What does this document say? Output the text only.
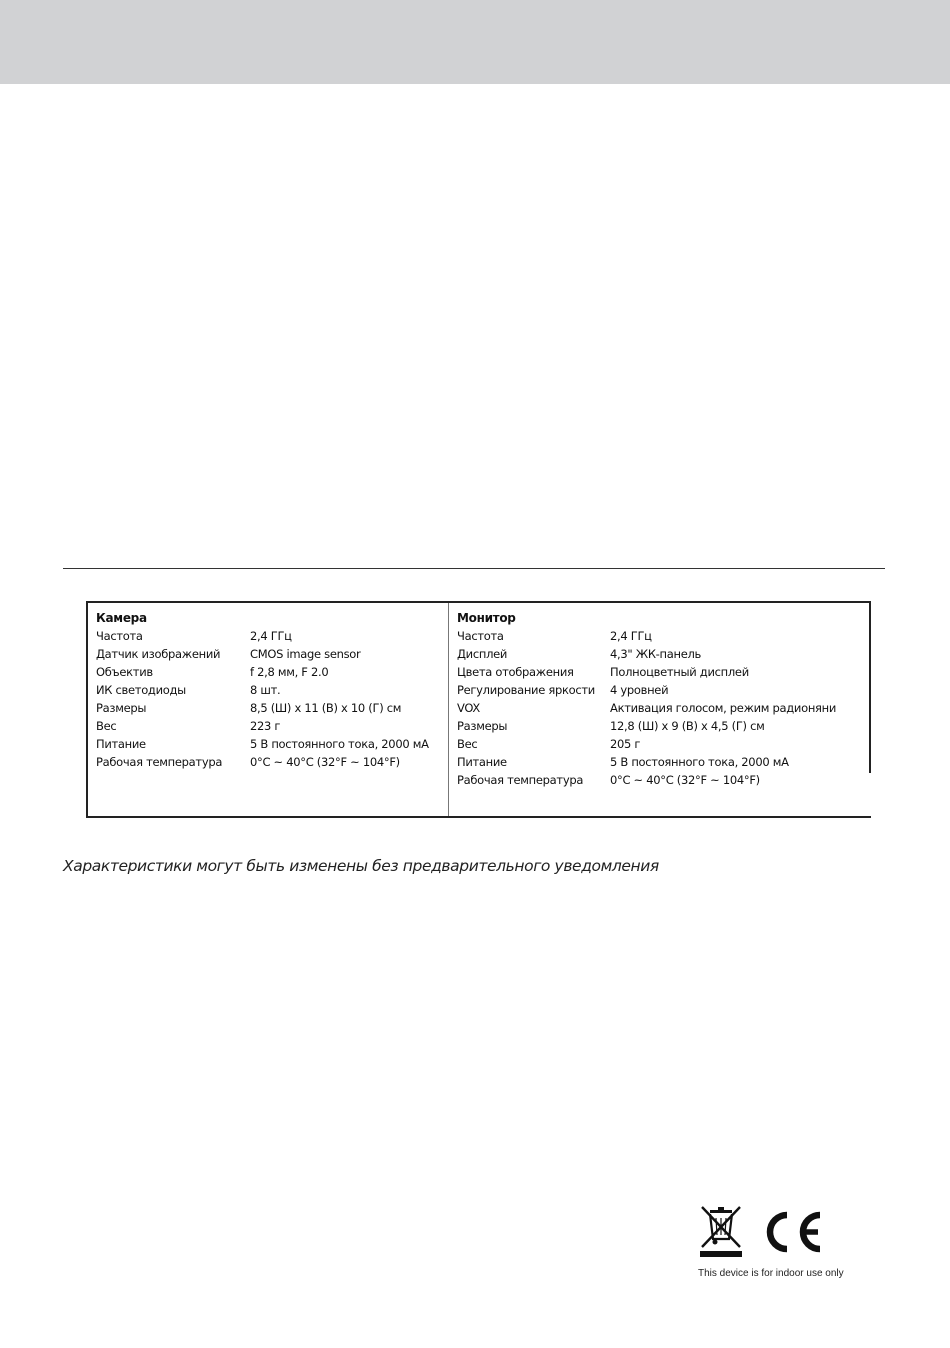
Камера
Частота	2,4 ГГц
Датчик изображений	CMOS image sensor
Объектив	f 2,8 мм, F 2.0
ИК светодиоды	8 шт.
Размеры	8,5 (Ш) x 11 (В) x 10 (Г) см
Вес	223 г
Питание	5 В постоянного тока, 2000 мА
Рабочая температура	0°C ~ 40°C (32°F ~ 104°F)
Монитор
Частота	2,4 ГГц
Дисплей	4,3" ЖК-панель
Цвета отображения	Полноцветный дисплей
Регулирование яркости	4 уровней
VOX	Активация голосом, режим радионяни
Размеры	12,8 (Ш) x 9 (В) x 4,5 (Г) см
Вес	205 г
Питание	5 В постоянного тока, 2000 мА
Рабочая температура	0°C ~ 40°C (32°F ~ 104°F)
Характеристики могут быть изменены без предварительного уведомления
This device is for indoor use only
